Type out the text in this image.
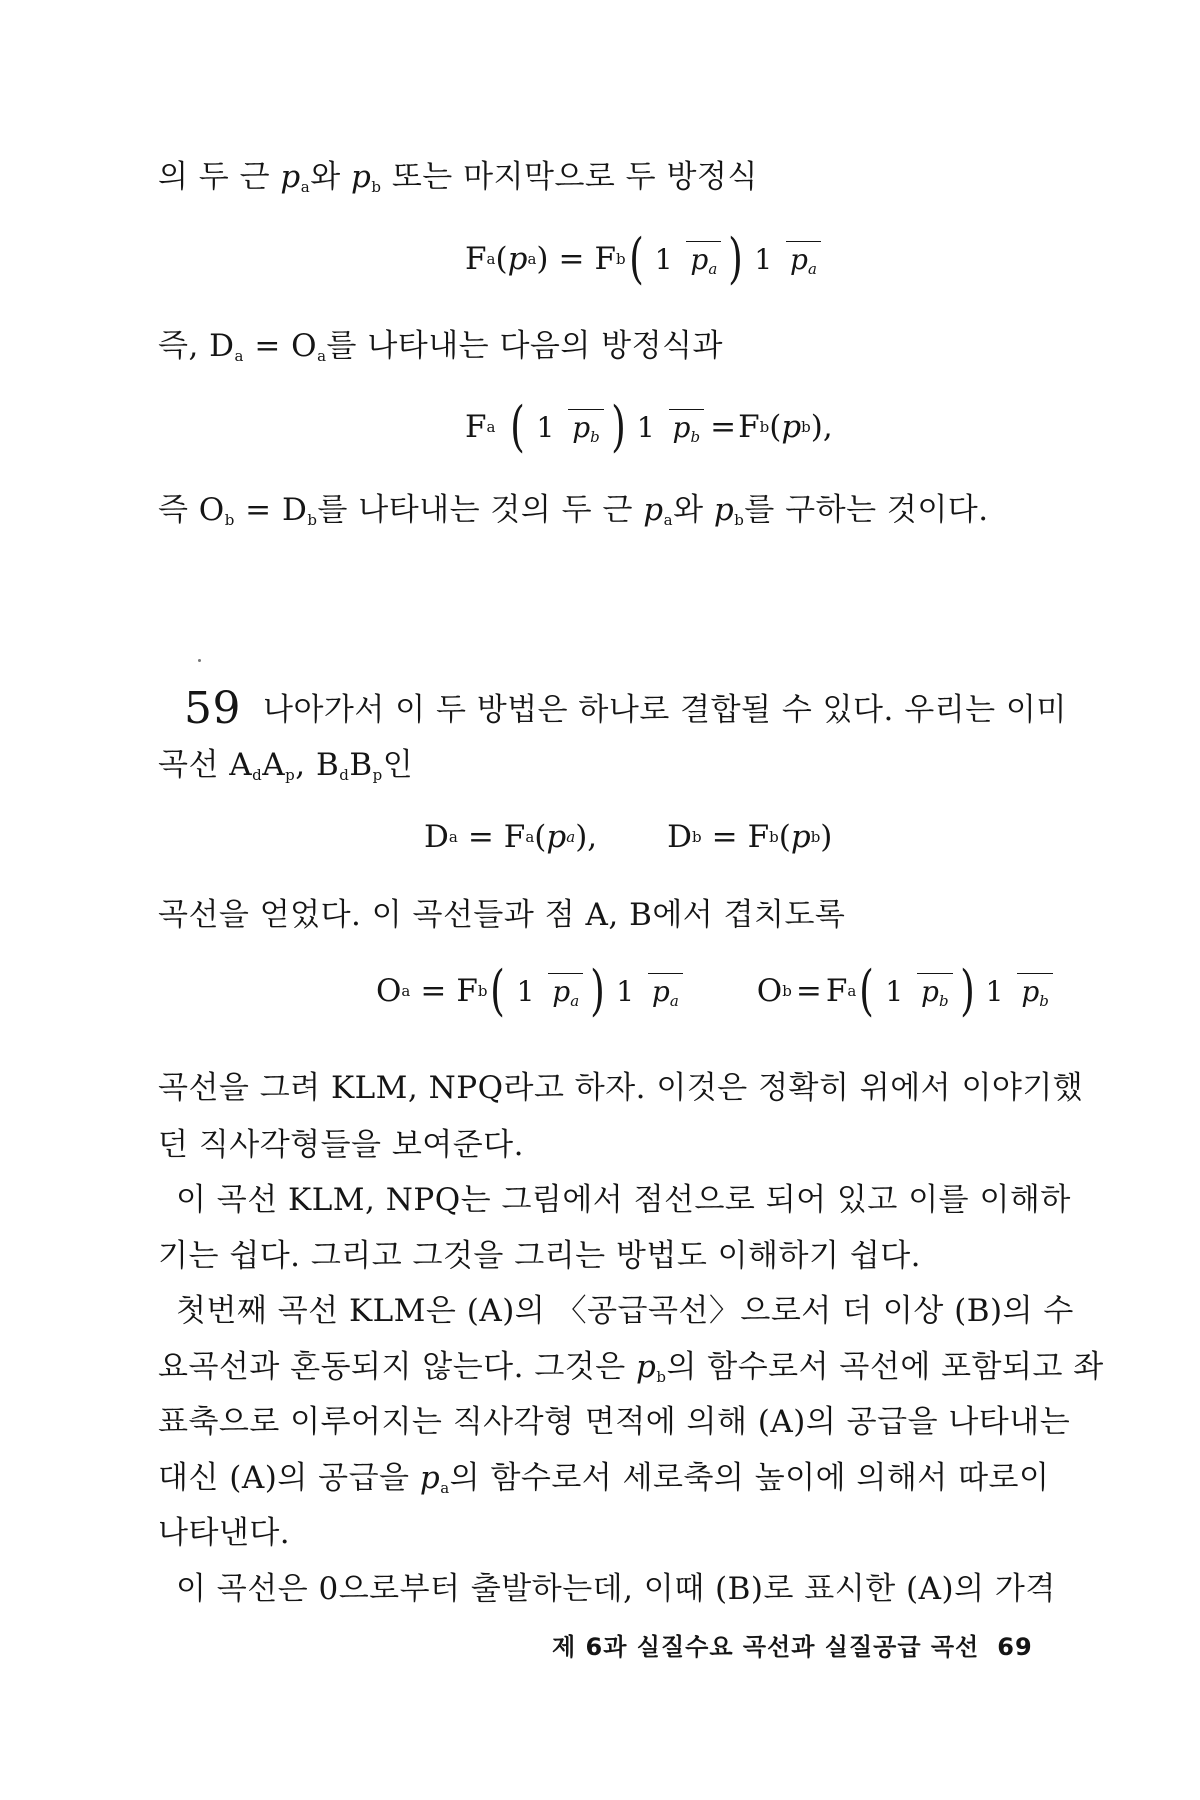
의 두 근 $p_a$와 $p_b$ 또는 마지막으로 두 방정식
F a ( p a ) = F b ( 1 pa ) 1 pa
즉, $D_a = O_a$를 나타내는 다음의 방정식과
F a ( 1 pb ) 1 pb = F b ( p b ),
즉 $O_b = D_b$를 나타내는 것의 두 근 $p_a$와 $p_b$를 구하는 것이다.
59 나아가서 이 두 방법은 하나로 결합될 수 있다. 우리는 이미
곡선 $A_dA_p$, $B_dB_p$인
D a = F a ( p a ), D b = F b ( p b )
곡선을 얻었다. 이 곡선들과 점 A, B에서 겹치도록
O a = F b ( 1 pa ) 1 pa	O b = F a ( 1 pb ) 1 pb
곡선을 그려 KLM, NPQ라고 하자. 이것은 정확히 위에서 이야기했
던 직사각형들을 보여준다.
이 곡선 KLM, NPQ는 그림에서 점선으로 되어 있고 이를 이해하
기는 쉽다. 그리고 그것을 그리는 방법도 이해하기 쉽다.
첫번째 곡선 KLM은 (A)의 〈공급곡선〉으로서 더 이상 (B)의 수
요곡선과 혼동되지 않는다. 그것은 $p_b$의 함수로서 곡선에 포함되고 좌
표축으로 이루어지는 직사각형 면적에 의해 (A)의 공급을 나타내는
대신 (A)의 공급을 $p_a$의 함수로서 세로축의 높이에 의해서 따로이
나타낸다.
이 곡선은 0으로부터 출발하는데, 이때 (B)로 표시한 (A)의 가격
제 6과 실질수요 곡선과 실질공급 곡선 69
